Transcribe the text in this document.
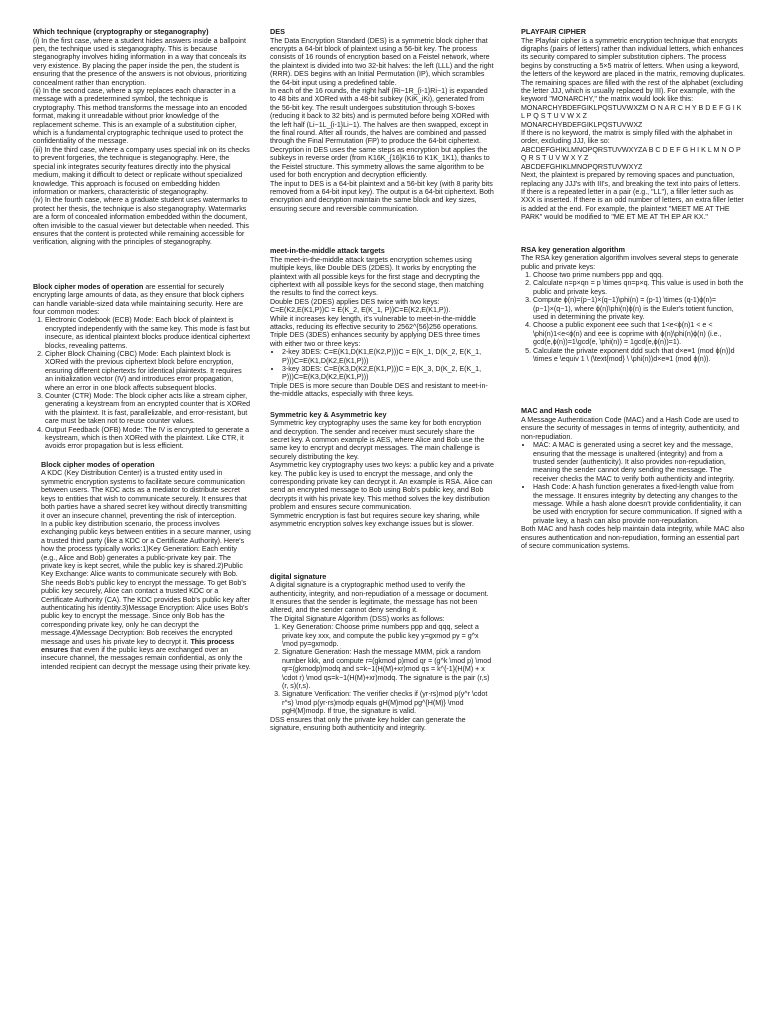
Which technique (cryptography or steganography)

(i) In the first case, where a student hides answers inside a ballpoint pen, the technique used is steganography. This is because steganography involves hiding information in a way that conceals its very existence. By placing the paper inside the pen, the student is ensuring that the presence of the answers is not obvious, prioritizing concealment rather than encryption.

(ii) In the second case, where a spy replaces each character in a message with a predetermined symbol, the technique is cryptography. This method transforms the message into an encoded format, making it unreadable without prior knowledge of the replacement scheme. This is an example of a substitution cipher, which is a fundamental cryptographic technique used to protect the confidentiality of the message.

(iii) In the third case, where a company uses special ink on its checks to prevent forgeries, the technique is steganography. Here, the special ink integrates security features directly into the physical medium, making it difficult to detect or replicate without specialized knowledge. This approach is focused on embedding hidden information or markers, characteristic of steganography.

(iv) In the fourth case, where a graduate student uses watermarks to protect her thesis, the technique is also steganography. Watermarks are a form of concealed information embedded within the document, often invisible to the casual viewer but detectable when needed. This ensures that the content is protected while remaining accessible for verification, aligning with the principles of steganography.

Block cipher modes of operation are essential for securely encrypting large amounts of data, as they ensure that block ciphers can handle variable-sized data while maintaining security. Here are four common modes:

1. Electronic Codebook (ECB) Mode: Each block of plaintext is encrypted independently with the same key. This mode is fast but insecure, as identical plaintext blocks produce identical ciphertext blocks, revealing patterns.
2. Cipher Block Chaining (CBC) Mode: Each plaintext block is XORed with the previous ciphertext block before encryption, ensuring different ciphertexts for identical plaintexts. It requires an initialization vector (IV) and introduces error propagation, where an error in one block affects subsequent blocks.
3. Counter (CTR) Mode: The block cipher acts like a stream cipher, generating a keystream from an encrypted counter that is XORed with the plaintext. It is fast, parallelizable, and error-resistant, but care must be taken not to reuse counter values.
4. Output Feedback (OFB) Mode: The IV is encrypted to generate a keystream, which is then XORed with the plaintext. Like CTR, it avoids error propagation but is less efficient.
Block cipher modes of operation

A KDC (Key Distribution Center) is a trusted entity used in symmetric encryption systems to facilitate secure communication between users. The KDC acts as a mediator to distribute secret keys to entities that wish to communicate securely. It ensures that both parties have a shared secret key without directly transmitting it over an insecure channel, preventing the risk of interception.

In a public key distribution scenario, the process involves exchanging public keys between entities in a secure manner, using a trusted third party (like a KDC or a Certificate Authority). Here's how the process typically works:1)Key Generation: Each entity (e.g., Alice and Bob) generates a public-private key pair. The private key is kept secret, while the public key is shared.2)Public Key Exchange: Alice wants to communicate securely with Bob. She needs Bob's public key to encrypt the message. To get Bob's public key securely, Alice can contact a trusted KDC or a Certificate Authority (CA). The KDC provides Bob's public key after authenticating his identity.3)Message Encryption: Alice uses Bob's public key to encrypt the message. Since only Bob has the corresponding private key, only he can decrypt the message.4)Message Decryption: Bob receives the encrypted message and uses his private key to decrypt it. This process ensures that even if the public keys are exchanged over an insecure channel, the messages remain confidential, as only the intended recipient can decrypt the message using their private key.

DES

The Data Encryption Standard (DES) is a symmetric block cipher that encrypts a 64-bit block of plaintext using a 56-bit key. The process consists of 16 rounds of encryption based on a Feistel network, where the plaintext is divided into two 32-bit halves: the left (LLL) and the right (RRR). DES begins with an Initial Permutation (IP), which scrambles the 64-bit input using a predefined table.

In each of the 16 rounds, the right half (Ri−1R_{i-1}Ri−1) is expanded to 48 bits and XORed with a 48-bit subkey (KiK_iKi), generated from the 56-bit key. The result undergoes substitution through S-boxes (reducing it back to 32 bits) and is permuted before being XORed with the left half (Li−1L_{i-1}Li−1). The halves are then swapped, except in the final round. After all rounds, the halves are combined and passed through the Final Permutation (FP) to produce the 64-bit ciphertext.

Decryption in DES uses the same steps as encryption but applies the subkeys in reverse order (from K16K_{16}K16 to K1K_1K1), thanks to the Feistel structure. This symmetry allows the same algorithm to be used for both encryption and decryption efficiently.

The input to DES is a 64-bit plaintext and a 56-bit key (with 8 parity bits removed from a 64-bit input key). The output is a 64-bit ciphertext. Both encryption and decryption maintain the same block and key sizes, ensuring secure and reversible communication.

meet-in-the-middle attack targets

The meet-in-the-middle attack targets encryption schemes using multiple keys, like Double DES (2DES). It works by encrypting the plaintext with all possible keys for the first stage and decrypting the ciphertext with all possible keys for the second stage, then matching the results to find the correct keys.

Double DES (2DES) applies DES twice with two keys: C=E(K2,E(K1,P))C = E(K_2, E(K_1, P))C=E(K2,E(K1,P)).

While it increases key length, it's vulnerable to meet-in-the-middle attacks, reducing its effective security to 2562^{56}256 operations.

Triple DES (3DES) enhances security by applying DES three times with either two or three keys:

• 2-key 3DES: C=E(K1,D(K1,E(K2,P)))C = E(K_1, D(K_2, E(K_1, P)))C=E(K1,D(K2,E(K1,P)))
• 3-key 3DES: C=E(K3,D(K2,E(K1,P)))C = E(K_3, D(K_2, E(K_1, P)))C=E(K3,D(K2,E(K1,P)))

Triple DES is more secure than Double DES and resistant to meet-in-the-middle attacks, especially with three keys.

Symmetric key & Asymmetric key

Symmetric key cryptography uses the same key for both encryption and decryption. The sender and receiver must securely share the secret key. A common example is AES, where Alice and Bob use the same key to encrypt and decrypt messages. The main challenge is securely distributing the key.

Asymmetric key cryptography uses two keys: a public key and a private key. The public key is used to encrypt the message, and only the corresponding private key can decrypt it. An example is RSA. Alice can send an encrypted message to Bob using Bob's public key, and Bob decrypts it with his private key. This method solves the key distribution problem and ensures secure communication.

Symmetric encryption is fast but requires secure key sharing, while asymmetric encryption solves key exchange issues but is slower.

digital signature

A digital signature is a cryptographic method used to verify the authenticity, integrity, and non-repudiation of a message or document. It ensures that the sender is legitimate, the message has not been altered, and the sender cannot deny sending it.

The Digital Signature Algorithm (DSS) works as follows:

1. Key Generation: Choose prime numbers ppp and qqq, select a private key xxx, and compute the public key y=gxmod py = g^x \mod py=gxmodp.
2. Signature Generation: Hash the message MMM, pick a random number kkk, and compute r=(gkmod p)mod qr = (g^k \mod p) \mod qr=(gkmodp)modq and s=k−1(H(M)+xr)mod qs = k^{-1}(H(M) + x \cdot r) \mod qs=k−1(H(M)+xr)modq. The signature is the pair (r,s)(r, s)(r,s).
3. Signature Verification: The verifier checks if (yr⋅rs)mod p(y^r \cdot r^s) \mod p(yr⋅rs)modp equals gH(M)mod pg^{H(M)} \mod pgH(M)modp. If true, the signature is valid.

DSS ensures that only the private key holder can generate the signature, ensuring both authenticity and integrity.

PLAYFAIR CIPHER

The Playfair cipher is a symmetric encryption technique that encrypts digraphs (pairs of letters) rather than individual letters, which enhances its security compared to simpler substitution ciphers. The process begins by constructing a 5×5 matrix of letters. When using a keyword, the letters of the keyword are placed in the matrix, removing duplicates. The remaining spaces are filled with the rest of the alphabet (excluding the letter JJJ, which is usually replaced by III). For example, with the keyword "MONARCHY," the matrix would look like this:

MONARCHYBDEFGIKLPQSTUVWXZM O N A R C H Y B D E F G I K L P Q S T U V W X Z

MONARCHYBDEFGIKLPQSTUVWXZ

If there is no keyword, the matrix is simply filled with the alphabet in order, excluding JJJ, like so:

ABCDEFGHIKLMNOPQRSTUVWXYZA B C D E F G H I K L M N O P Q R S T U V W X Y Z

ABCDEFGHIKLMNOPQRSTUVWXYZ

Next, the plaintext is prepared by removing spaces and punctuation, replacing any JJJ's with III's, and breaking the text into pairs of letters. If there is a repeated letter in a pair (e.g., "LL"), a filler letter such as XXX is inserted. If there is an odd number of letters, an extra filler letter is added at the end. For example, the plaintext "MEET ME AT THE PARK" would be modified to "ME ET ME AT TH EP AR KX."

RSA key generation algorithm

The RSA key generation algorithm involves several steps to generate public and private keys:

1. Choose two prime numbers ppp and qqq.
2. Calculate n=p×qn = p \times qn=p×q. This value is used in both the public and private keys.
3. Compute ϕ(n)=(p−1)×(q−1)\phi(n) = (p-1) \times (q-1)ϕ(n)=(p−1)×(q−1), where ϕ(n)\phi(n)ϕ(n) is the Euler's totient function, used in determining the private key.
4. Choose a public exponent eee such that 1<e<ϕ(n)1 < e < \phi(n)1<e<ϕ(n) and eee is coprime with ϕ(n)\phi(n)ϕ(n) (i.e., gcd(e,ϕ(n))=1\gcd(e, \phi(n)) = 1gcd(e,ϕ(n))=1).
5. Calculate the private exponent ddd such that d×e≡1 (mod ϕ(n))d \times e \equiv 1 \ (\text{mod} \ \phi(n))d×e≡1 (mod ϕ(n)).
MAC and Hash code

A Message Authentication Code (MAC) and a Hash Code are used to ensure the security of messages in terms of integrity, authenticity, and non-repudiation.

• MAC: A MAC is generated using a secret key and the message, ensuring that the message is unaltered (integrity) and from a trusted sender (authenticity). It also provides non-repudiation, meaning the sender cannot deny sending the message. The receiver checks the MAC to verify both authenticity and integrity.
• Hash Code: A hash function generates a fixed-length value from the message. It ensures integrity by detecting any changes to the message. While a hash alone doesn't provide confidentiality, it can be used with encryption for secure communication. If signed with a private key, a hash can also provide non-repudiation.

Both MAC and hash codes help maintain data integrity, while MAC also ensures authentication and non-repudiation, forming an essential part of secure communication systems.
